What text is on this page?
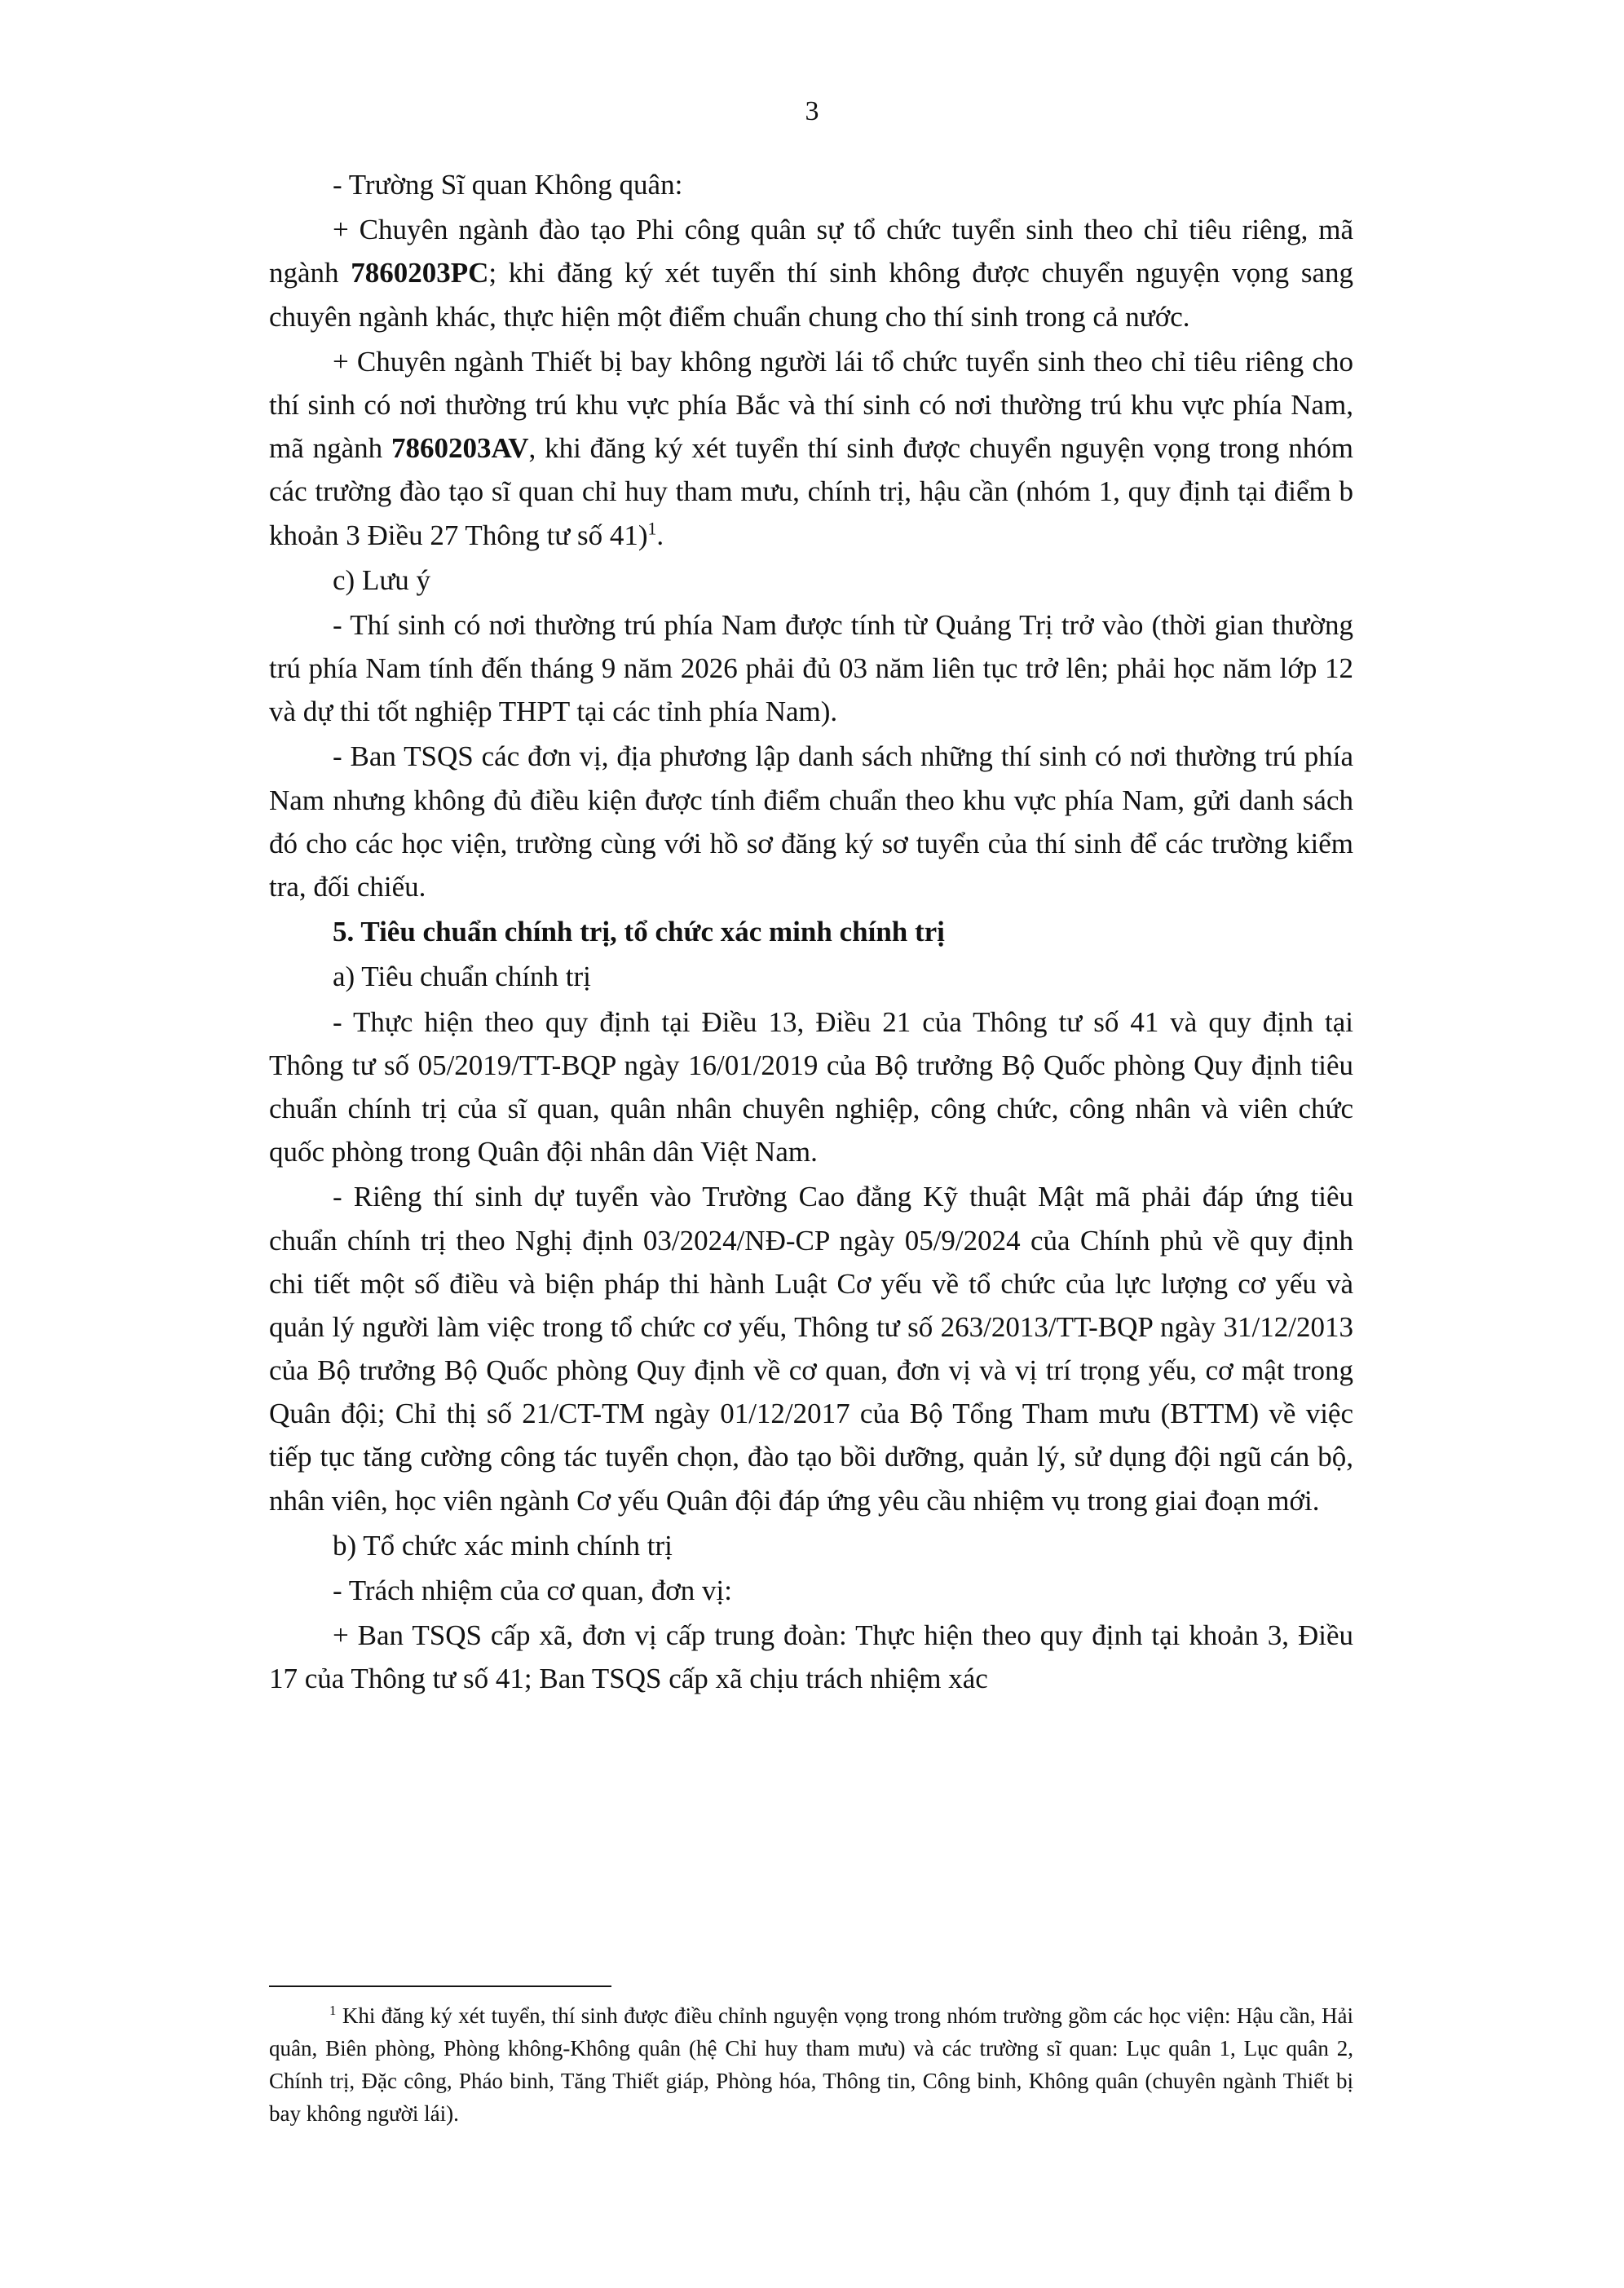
3

- Trường Sĩ quan Không quân:

+ Chuyên ngành đào tạo Phi công quân sự tổ chức tuyển sinh theo chỉ tiêu riêng, mã ngành 7860203PC; khi đăng ký xét tuyển thí sinh không được chuyển nguyện vọng sang chuyên ngành khác, thực hiện một điểm chuẩn chung cho thí sinh trong cả nước.

+ Chuyên ngành Thiết bị bay không người lái tổ chức tuyển sinh theo chỉ tiêu riêng cho thí sinh có nơi thường trú khu vực phía Bắc và thí sinh có nơi thường trú khu vực phía Nam, mã ngành 7860203AV, khi đăng ký xét tuyển thí sinh được chuyển nguyện vọng trong nhóm các trường đào tạo sĩ quan chỉ huy tham mưu, chính trị, hậu cần (nhóm 1, quy định tại điểm b khoản 3 Điều 27 Thông tư số 41)$^1$.

c) Lưu ý

- Thí sinh có nơi thường trú phía Nam được tính từ Quảng Trị trở vào (thời gian thường trú phía Nam tính đến tháng 9 năm 2026 phải đủ 03 năm liên tục trở lên; phải học năm lớp 12 và dự thi tốt nghiệp THPT tại các tỉnh phía Nam).

- Ban TSQS các đơn vị, địa phương lập danh sách những thí sinh có nơi thường trú phía Nam nhưng không đủ điều kiện được tính điểm chuẩn theo khu vực phía Nam, gửi danh sách đó cho các học viện, trường cùng với hồ sơ đăng ký sơ tuyển của thí sinh để các trường kiểm tra, đối chiếu.

5. Tiêu chuẩn chính trị, tổ chức xác minh chính trị

a) Tiêu chuẩn chính trị

- Thực hiện theo quy định tại Điều 13, Điều 21 của Thông tư số 41 và quy định tại Thông tư số 05/2019/TT-BQP ngày 16/01/2019 của Bộ trưởng Bộ Quốc phòng Quy định tiêu chuẩn chính trị của sĩ quan, quân nhân chuyên nghiệp, công chức, công nhân và viên chức quốc phòng trong Quân đội nhân dân Việt Nam.

- Riêng thí sinh dự tuyển vào Trường Cao đẳng Kỹ thuật Mật mã phải đáp ứng tiêu chuẩn chính trị theo Nghị định 03/2024/NĐ-CP ngày 05/9/2024 của Chính phủ về quy định chi tiết một số điều và biện pháp thi hành Luật Cơ yếu về tổ chức của lực lượng cơ yếu và quản lý người làm việc trong tổ chức cơ yếu, Thông tư số 263/2013/TT-BQP ngày 31/12/2013 của Bộ trưởng Bộ Quốc phòng Quy định về cơ quan, đơn vị và vị trí trọng yếu, cơ mật trong Quân đội; Chỉ thị số 21/CT-TM ngày 01/12/2017 của Bộ Tổng Tham mưu (BTTM) về việc tiếp tục tăng cường công tác tuyển chọn, đào tạo bồi dưỡng, quản lý, sử dụng đội ngũ cán bộ, nhân viên, học viên ngành Cơ yếu Quân đội đáp ứng yêu cầu nhiệm vụ trong giai đoạn mới.

b) Tổ chức xác minh chính trị

- Trách nhiệm của cơ quan, đơn vị:

+ Ban TSQS cấp xã, đơn vị cấp trung đoàn: Thực hiện theo quy định tại khoản 3, Điều 17 của Thông tư số 41; Ban TSQS cấp xã chịu trách nhiệm xác

$^1$ Khi đăng ký xét tuyển, thí sinh được điều chỉnh nguyện vọng trong nhóm trường gồm các học viện: Hậu cần, Hải quân, Biên phòng, Phòng không-Không quân (hệ Chỉ huy tham mưu) và các trường sĩ quan: Lục quân 1, Lục quân 2, Chính trị, Đặc công, Pháo binh, Tăng Thiết giáp, Phòng hóa, Thông tin, Công binh, Không quân (chuyên ngành Thiết bị bay không người lái).
